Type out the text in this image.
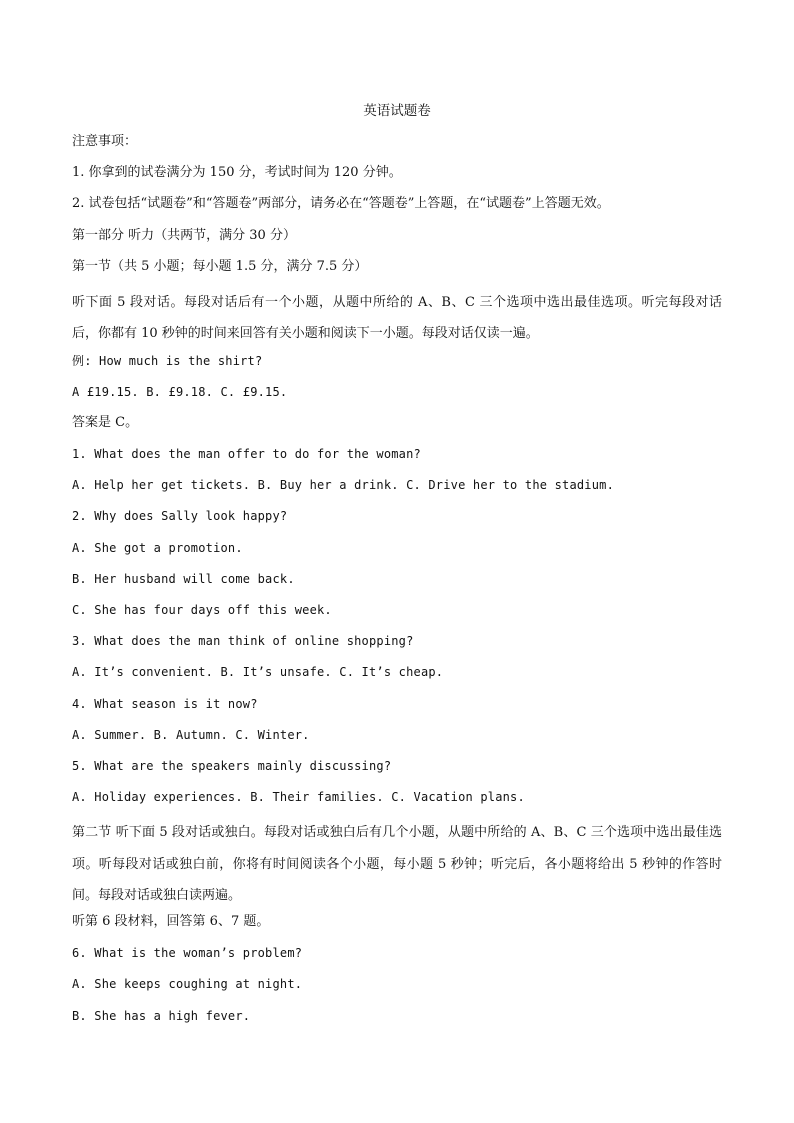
英语试题卷
注意事项：
1. 你拿到的试卷满分为 150 分，考试时间为 120 分钟。
2. 试卷包括“试题卷”和“答题卷”两部分，请务必在“答题卷”上答题，在“试题卷”上答题无效。
第一部分 听力（共两节，满分 30 分）
第一节（共 5 小题；每小题 1.5 分，满分 7.5 分）
听下面 5 段对话。每段对话后有一个小题，从题中所给的 A、B、C 三个选项中选出最佳选项。听完每段对话后，你都有 10 秒钟的时间来回答有关小题和阅读下一小题。每段对话仅读一遍。
例: How much is the shirt?
A £19.15. B. £9.18. C. £9.15.
答案是 C。
1. What does the man offer to do for the woman?
A. Help her get tickets. B. Buy her a drink. C. Drive her to the stadium.
2. Why does Sally look happy?
A. She got a promotion.
B. Her husband will come back.
C. She has four days off this week.
3. What does the man think of online shopping?
A. It’s convenient. B. It’s unsafe. C. It’s cheap.
4. What season is it now?
A. Summer. B. Autumn. C. Winter.
5. What are the speakers mainly discussing?
A. Holiday experiences. B. Their families. C. Vacation plans.
第二节 听下面 5 段对话或独白。每段对话或独白后有几个小题，从题中所给的 A、B、C 三个选项中选出最佳选项。听每段对话或独白前，你将有时间阅读各个小题，每小题 5 秒钟；听完后，各小题将给出 5 秒钟的作答时间。每段对话或独白读两遍。
听第 6 段材料，回答第 6、7 题。
6. What is the woman’s problem?
A. She keeps coughing at night.
B. She has a high fever.
